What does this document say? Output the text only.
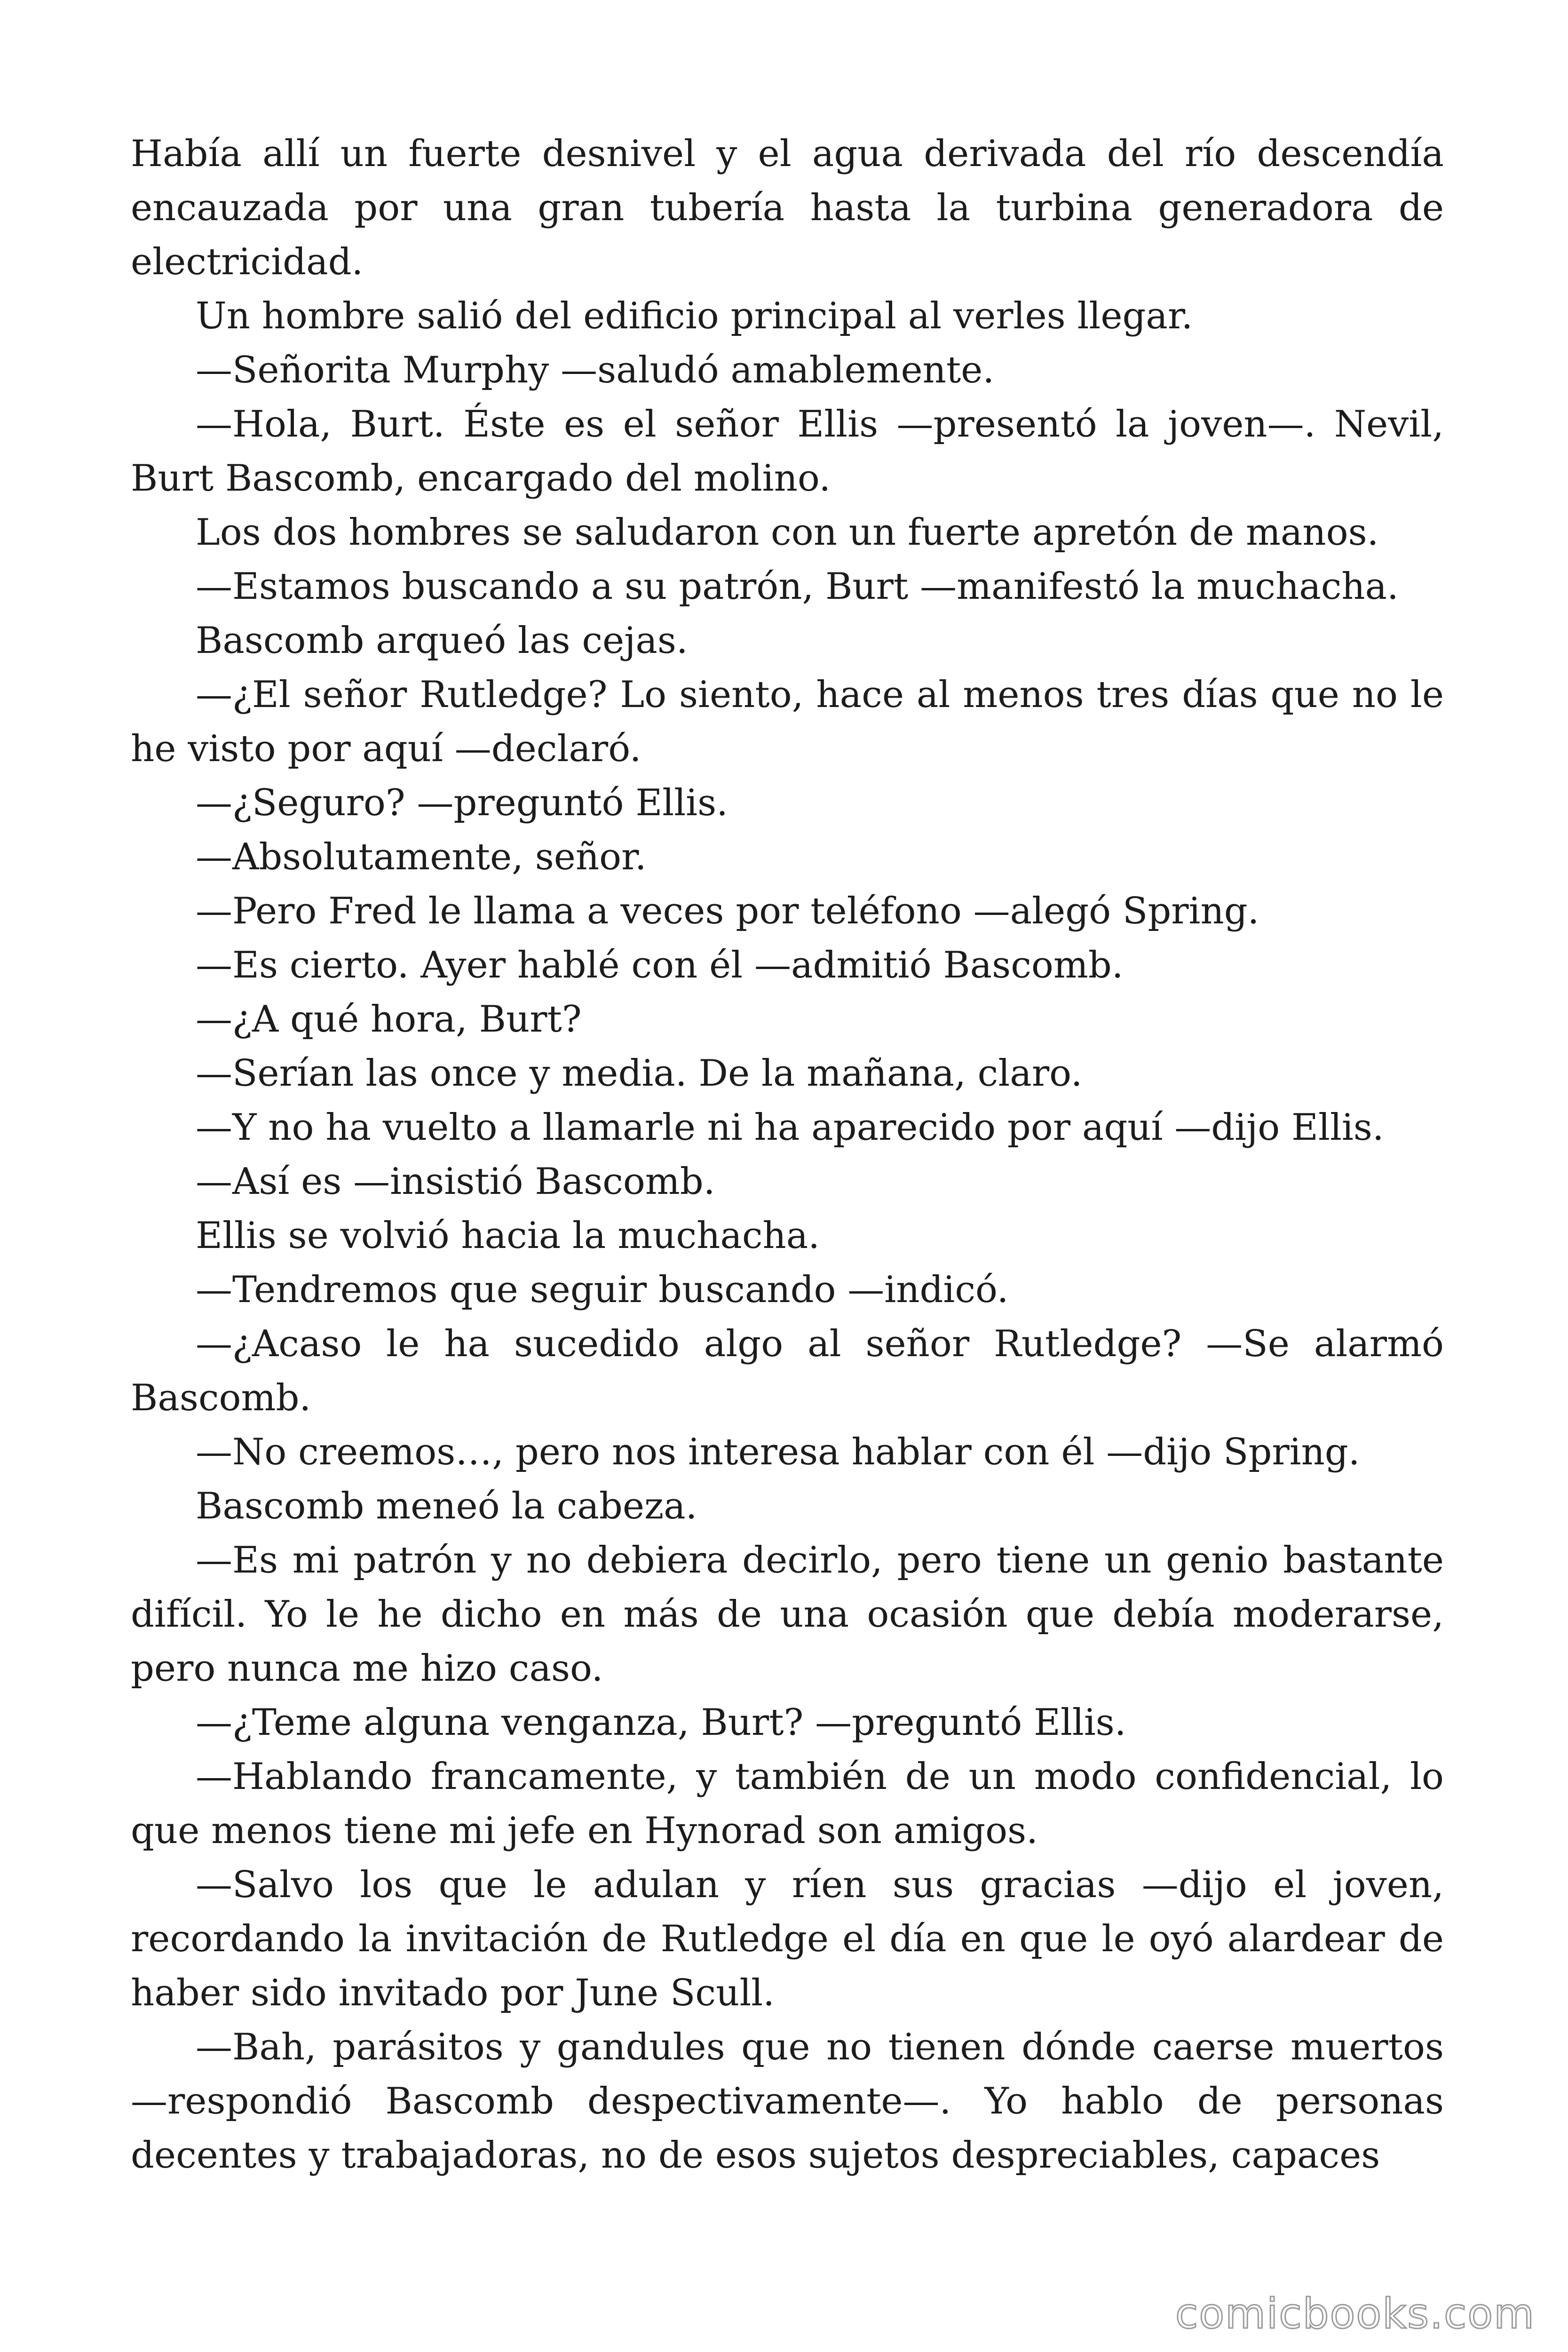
Había allí un fuerte desnivel y el agua derivada del río descendía encauzada por una gran tubería hasta la turbina generadora de electricidad.

Un hombre salió del edificio principal al verles llegar.

—Señorita Murphy —saludó amablemente.

—Hola, Burt. Éste es el señor Ellis —presentó la joven—. Nevil, Burt Bascomb, encargado del molino.

Los dos hombres se saludaron con un fuerte apretón de manos.

—Estamos buscando a su patrón, Burt —manifestó la muchacha.

Bascomb arqueó las cejas.

—¿El señor Rutledge? Lo siento, hace al menos tres días que no le he visto por aquí —declaró.

—¿Seguro? —preguntó Ellis.

—Absolutamente, señor.

—Pero Fred le llama a veces por teléfono —alegó Spring.

—Es cierto. Ayer hablé con él —admitió Bascomb.

—¿A qué hora, Burt?

—Serían las once y media. De la mañana, claro.

—Y no ha vuelto a llamarle ni ha aparecido por aquí —dijo Ellis.

—Así es —insistió Bascomb.

Ellis se volvió hacia la muchacha.

—Tendremos que seguir buscando —indicó.

—¿Acaso le ha sucedido algo al señor Rutledge? —Se alarmó Bascomb.

—No creemos…, pero nos interesa hablar con él —dijo Spring.

Bascomb meneó la cabeza.

—Es mi patrón y no debiera decirlo, pero tiene un genio bastante difícil. Yo le he dicho en más de una ocasión que debía moderarse, pero nunca me hizo caso.

—¿Teme alguna venganza, Burt? —preguntó Ellis.

—Hablando francamente, y también de un modo confidencial, lo que menos tiene mi jefe en Hynorad son amigos.

—Salvo los que le adulan y ríen sus gracias —dijo el joven, recordando la invitación de Rutledge el día en que le oyó alardear de haber sido invitado por June Scull.

—Bah, parásitos y gandules que no tienen dónde caerse muertos —respondió Bascomb despectivamente—. Yo hablo de personas decentes y trabajadoras, no de esos sujetos despreciables, capaces

comicbooks.com
